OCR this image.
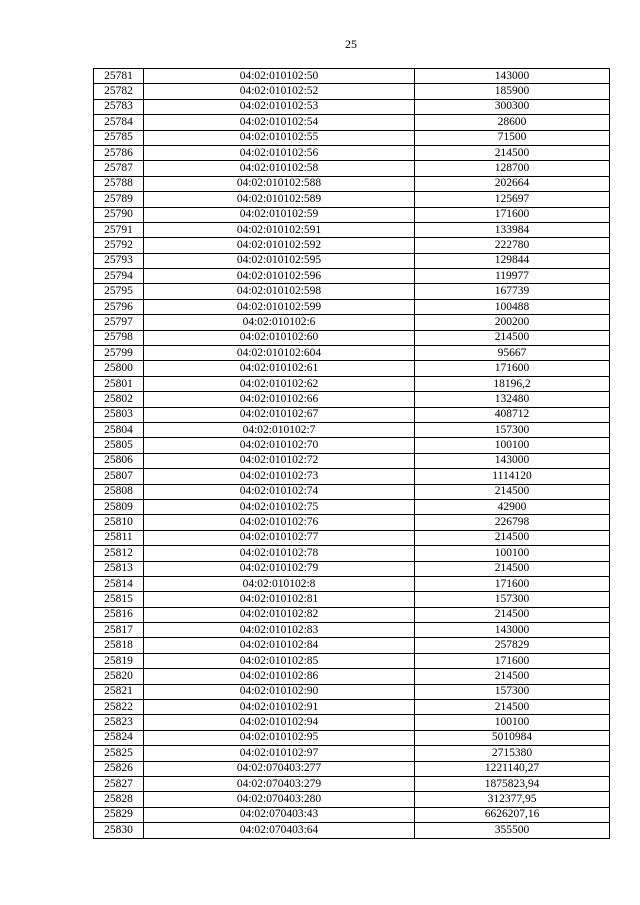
25
25781	04:02:010102:50	143000
25782	04:02:010102:52	185900
25783	04:02:010102:53	300300
25784	04:02:010102:54	28600
25785	04:02:010102:55	71500
25786	04:02:010102:56	214500
25787	04:02:010102:58	128700
25788	04:02:010102:588	202664
25789	04:02:010102:589	125697
25790	04:02:010102:59	171600
25791	04:02:010102:591	133984
25792	04:02:010102:592	222780
25793	04:02:010102:595	129844
25794	04:02:010102:596	119977
25795	04:02:010102:598	167739
25796	04:02:010102:599	100488
25797	04:02:010102:6	200200
25798	04:02:010102:60	214500
25799	04:02:010102:604	95667
25800	04:02:010102:61	171600
25801	04:02:010102:62	18196,2
25802	04:02:010102:66	132480
25803	04:02:010102:67	408712
25804	04:02:010102:7	157300
25805	04:02:010102:70	100100
25806	04:02:010102:72	143000
25807	04:02:010102:73	1114120
25808	04:02:010102:74	214500
25809	04:02:010102:75	42900
25810	04:02:010102:76	226798
25811	04:02:010102:77	214500
25812	04:02:010102:78	100100
25813	04:02:010102:79	214500
25814	04:02:010102:8	171600
25815	04:02:010102:81	157300
25816	04:02:010102:82	214500
25817	04:02:010102:83	143000
25818	04:02:010102:84	257829
25819	04:02:010102:85	171600
25820	04:02:010102:86	214500
25821	04:02:010102:90	157300
25822	04:02:010102:91	214500
25823	04:02:010102:94	100100
25824	04:02:010102:95	5010984
25825	04:02:010102:97	2715380
25826	04:02:070403:277	1221140,27
25827	04:02:070403:279	1875823,94
25828	04:02:070403:280	312377,95
25829	04:02:070403:43	6626207,16
25830	04:02:070403:64	355500
